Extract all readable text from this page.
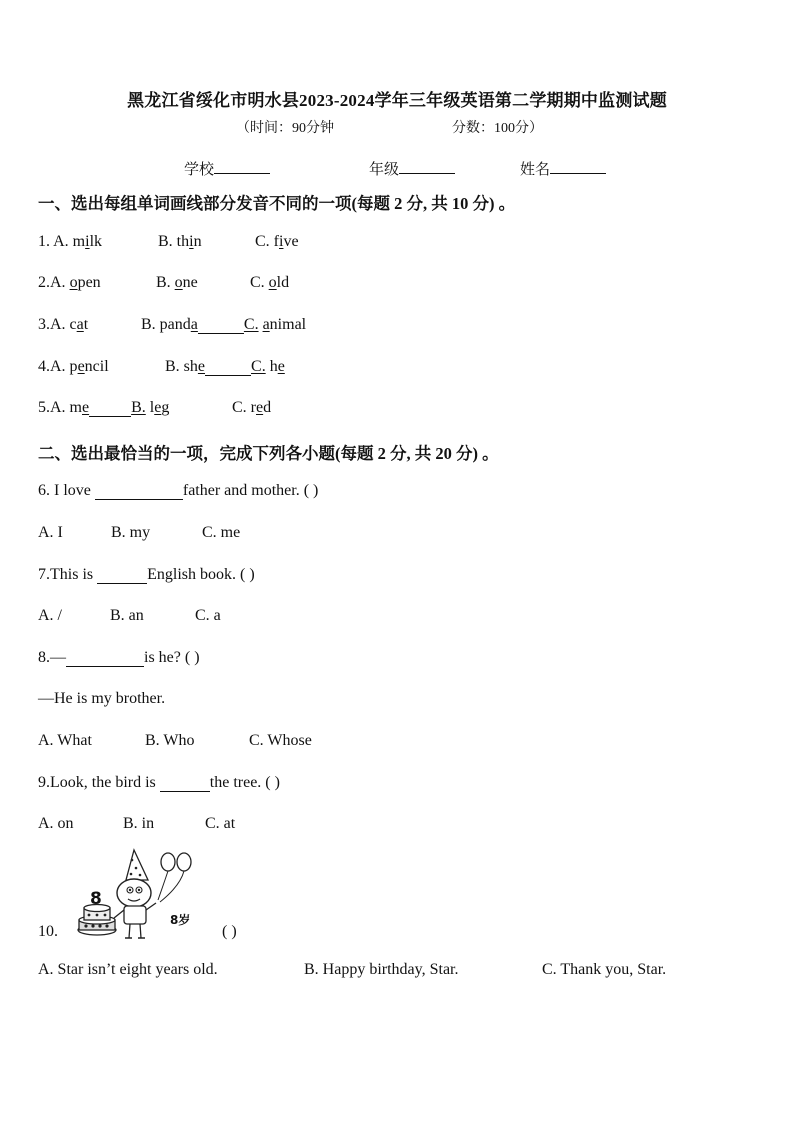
黑龙江省绥化市明水县2023-2024学年三年级英语第二学期期中监测试题
（时间：90分钟	分数：100分）
学校	年级	姓名
一、选出每组单词画线部分发音不同的一项(每题 2 分, 共 10 分) 。
1. A. milk	B. thin	C. five
2.A. open	B. one	C. old
3.A. cat	B. panda	C. animal
4.A. pencil	B. she	C. he
5.A. me	B. leg	C. red
二、选出最恰当的一项，完成下列各小题(每题 2 分, 共 20 分) 。
6. I love	father and mother. ( )
A. I	B. my	C. me
7.This is	English book. ( )
A. /	B. an	C. a
8.—	is he? ( )
—He is my brother.
A. What	B. Who	C. Whose
9.Look, the bird is	the tree. ( )
A. on	B. in	C. at
10.
8
8岁
( )
A. Star isn’t eight years old.	B. Happy birthday, Star.	C. Thank you, Star.
